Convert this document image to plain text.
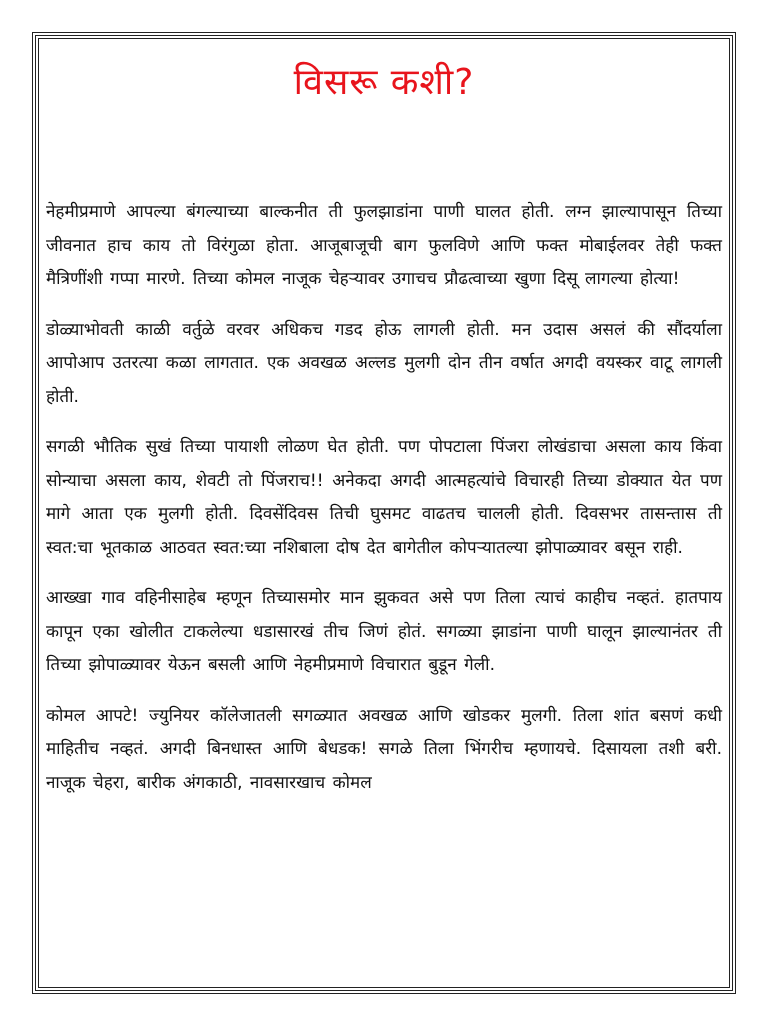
विसरू कशी?

नेहमीप्रमाणे आपल्या बंगल्याच्या बाल्कनीत ती फुलझाडांना पाणी घालत होती. लग्न झाल्यापासून तिच्या जीवनात हाच काय तो विरंगुळा होता. आजूबाजूची बाग फुलविणे आणि फक्त मोबाईलवर तेही फक्त मैत्रिणींशी गप्पा मारणे. तिच्या कोमल नाजूक चेहऱ्यावर उगाचच प्रौढत्वाच्या खुणा दिसू लागल्या होत्या!

डोळ्याभोवती काळी वर्तुळे वरवर अधिकच गडद होऊ लागली होती. मन उदास असलं की सौंदर्याला आपोआप उतरत्या कळा लागतात. एक अवखळ अल्लड मुलगी दोन तीन वर्षात अगदी वयस्कर वाटू लागली होती.

सगळी भौतिक सुखं तिच्या पायाशी लोळण घेत होती. पण पोपटाला पिंजरा लोखंडाचा असला काय किंवा सोन्याचा असला काय, शेवटी तो पिंजराच!! अनेकदा अगदी आत्महत्यांचे विचारही तिच्या डोक्यात येत पण मागे आता एक मुलगी होती. दिवसेंदिवस तिची घुसमट वाढतच चालली होती. दिवसभर तासन्तास ती स्वत:चा भूतकाळ आठवत स्वत:च्या नशिबाला दोष देत बागेतील कोपऱ्यातल्या झोपाळ्यावर बसून राही.

आख्खा गाव वहिनीसाहेब म्हणून तिच्यासमोर मान झुकवत असे पण तिला त्याचं काहीच नव्हतं. हातपाय कापून एका खोलीत टाकलेल्या धडासारखं तीच जिणं होतं. सगळ्या झाडांना पाणी घालून झाल्यानंतर ती तिच्या झोपाळ्यावर येऊन बसली आणि नेहमीप्रमाणे विचारात बुडून गेली.

कोमल आपटे! ज्युनियर कॉलेजातली सगळ्यात अवखळ आणि खोडकर मुलगी. तिला शांत बसणं कधी माहितीच नव्हतं. अगदी बिनधास्त आणि बेधडक! सगळे तिला भिंगरीच म्हणायचे. दिसायला तशी बरी. नाजूक चेहरा, बारीक अंगकाठी, नावसारखाच कोमल
